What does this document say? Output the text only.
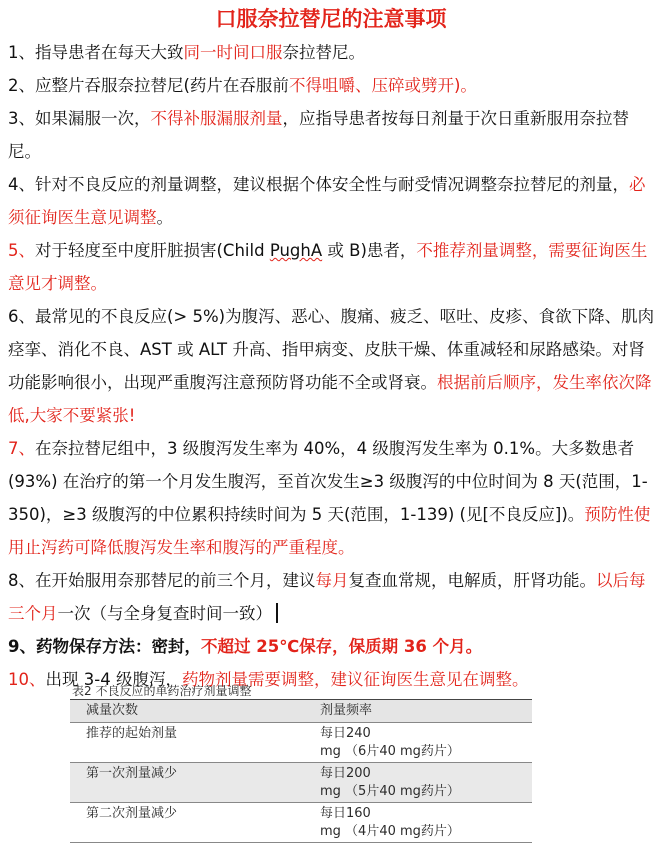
口服奈拉替尼的注意事项

1、指导患者在每天大致同一时间口服奈拉替尼。

2、应整片吞服奈拉替尼(药片在吞服前不得咀嚼、压碎或劈开)。

3、如果漏服一次，不得补服漏服剂量，应指导患者按每日剂量于次日重新服用奈拉替尼。

4、针对不良反应的剂量调整，建议根据个体安全性与耐受情况调整奈拉替尼的剂量，必须征询医生意见调整。

5、对于轻度至中度肝脏损害(Child PughA 或 B)患者，不推荐剂量调整，需要征询医生意见才调整。

6、最常见的不良反应(> 5%)为腹泻、恶心、腹痛、疲乏、呕吐、皮疹、食欲下降、肌肉痉挛、消化不良、AST 或 ALT 升高、指甲病变、皮肤干燥、体重减轻和尿路感染。对肾功能影响很小，出现严重腹泻注意预防肾功能不全或肾衰。根据前后顺序，发生率依次降低,大家不要紧张!

7、在奈拉替尼组中，3 级腹泻发生率为 40%，4 级腹泻发生率为 0.1%。大多数患者(93%) 在治疗的第一个月发生腹泻，至首次发生≥3 级腹泻的中位时间为 8 天(范围，1-350)，≥3 级腹泻的中位累积持续时间为 5 天(范围，1-139) (见[不良反应])。预防性使用止泻药可降低腹泻发生率和腹泻的严重程度。

8、在开始服用奈那替尼的前三个月，建议每月复查血常规，电解质，肝肾功能。以后每三个月一次（与全身复查时间一致）

9、药物保存方法：密封，不超过 25℃保存，保质期 36 个月。

10、出现 3-4 级腹泻，药物剂量需要调整，建议征询医生意见在调整。

表2 不良反应的单药治疗剂量调整
减量次数	剂量频率
推荐的起始剂量	每日240
mg （6片40 mg药片）
第一次剂量减少	每日200
mg （5片40 mg药片）
第二次剂量减少	每日160
mg （4片40 mg药片）
